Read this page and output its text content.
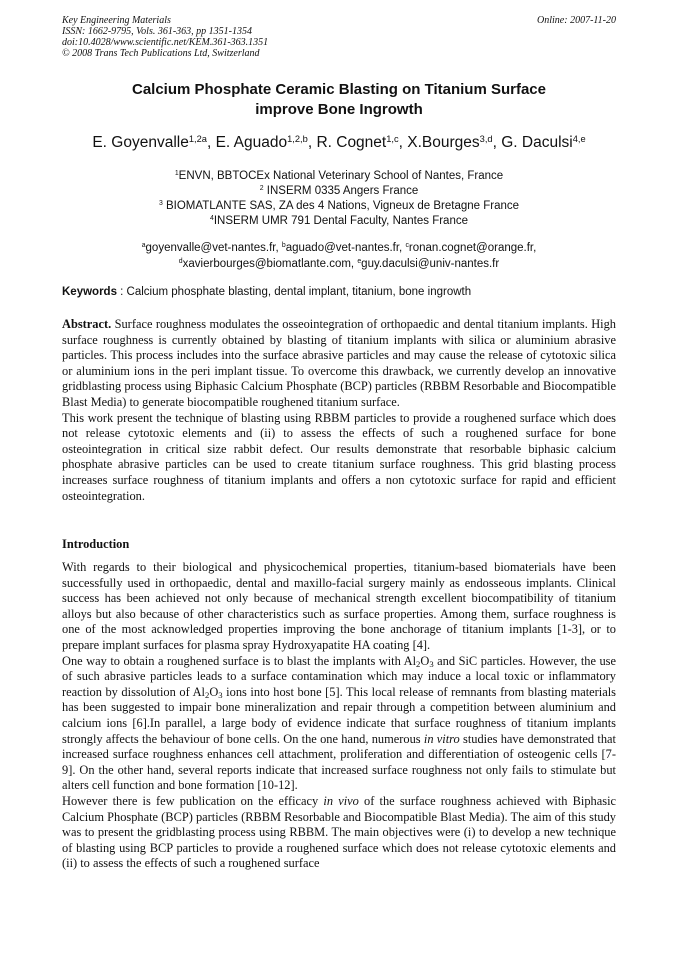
Key Engineering Materials
ISSN: 1662-9795, Vols. 361-363, pp 1351-1354
doi:10.4028/www.scientific.net/KEM.361-363.1351
© 2008 Trans Tech Publications Ltd, Switzerland
Online: 2007-11-20
Calcium Phosphate Ceramic Blasting on Titanium Surface
improve Bone Ingrowth
E. Goyenvalle$^{1,2a}$, E. Aguado$^{1,2,b}$, R. Cognet$^{1,c}$, X.Bourges$^{3,d}$, G. Daculsi$^{4,e}$
$^1$ENVN, BBTOCEx National Veterinary School of Nantes, France
$^2$ INSERM 0335 Angers France
$^3$ BIOMATLANTE SAS, ZA des 4 Nations, Vigneux de Bretagne France
$^4$INSERM UMR 791 Dental Faculty, Nantes France
$^a$goyenvalle@vet-nantes.fr, $^b$aguado@vet-nantes.fr, $^c$ronan.cognet@orange.fr,
$^d$xavierbourges@biomatlante.com, $^e$guy.daculsi@univ-nantes.fr
Keywords : Calcium phosphate blasting, dental implant, titanium, bone ingrowth

Abstract. Surface roughness modulates the osseointegration of orthopaedic and dental titanium implants. High surface roughness is currently obtained by blasting of titanium implants with silica or aluminium abrasive particles. This process includes into the surface abrasive particles and may cause the release of cytotoxic silica or aluminium ions in the peri implant tissue. To overcome this drawback, we currently develop an innovative gridblasting process using Biphasic Calcium Phosphate (BCP) particles (RBBM Resorbable and Biocompatible Blast Media) to generate biocompatible roughened titanium surface.

This work present the technique of blasting using RBBM particles to provide a roughened surface which does not release cytotoxic elements and (ii) to assess the effects of such a roughened surface for bone osteointegration in critical size rabbit defect. Our results demonstrate that resorbable biphasic calcium phosphate abrasive particles can be used to create titanium surface roughness. This grid blasting process increases surface roughness of titanium implants and offers a non cytotoxic surface for rapid and efficient osteointegration.

Introduction

With regards to their biological and physicochemical properties, titanium-based biomaterials have been successfully used in orthopaedic, dental and maxillo-facial surgery mainly as endosseous implants. Clinical success has been achieved not only because of mechanical strength excellent biocompatibility of titanium alloys but also because of other characteristics such as surface properties. Among them, surface roughness is one of the most acknowledged properties improving the bone anchorage of titanium implants [1-3], or to prepare implant surfaces for plasma spray Hydroxyapatite HA coating [4].

One way to obtain a roughened surface is to blast the implants with $Al_2O_3$ and SiC particles. However, the use of such abrasive particles leads to a surface contamination which may induce a local toxic or inflammatory reaction by dissolution of $Al_2O_3$ ions into host bone [5]. This local release of remnants from blasting materials has been suggested to impair bone mineralization and repair through a competition between aluminium and calcium ions [6].In parallel, a large body of evidence indicate that surface roughness of titanium implants strongly affects the behaviour of bone cells. On the one hand, numerous in vitro studies have demonstrated that increased surface roughness enhances cell attachment, proliferation and differentiation of osteogenic cells [7-9]. On the other hand, several reports indicate that increased surface roughness not only fails to stimulate but alters cell function and bone formation [10-12].

However there is few publication on the efficacy in vivo of the surface roughness achieved with Biphasic Calcium Phosphate (BCP) particles (RBBM Resorbable and Biocompatible Blast Media). The aim of this study was to present the gridblasting process using RBBM. The main objectives were (i) to develop a new technique of blasting using BCP particles to provide a roughened surface which does not release cytotoxic elements and (ii) to assess the effects of such a roughened surface
